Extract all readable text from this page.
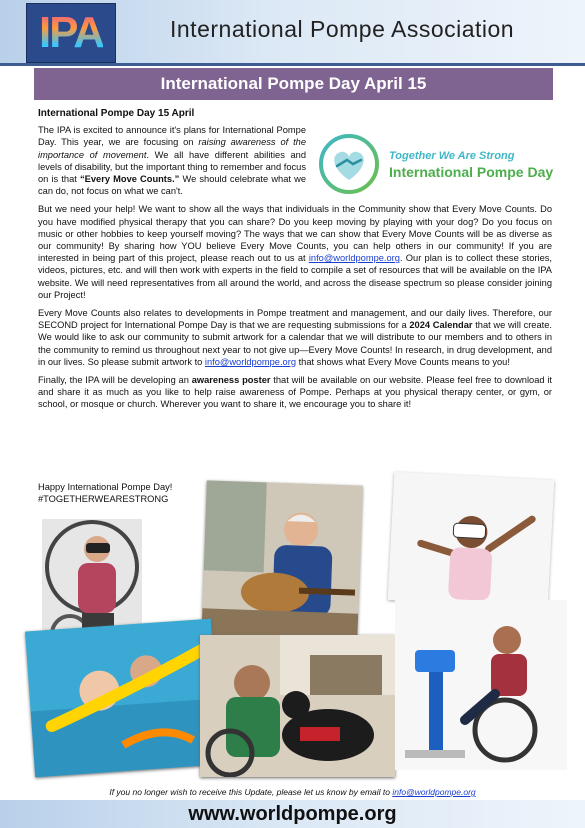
IPA	International Pompe Association
International Pompe Day April 15
International Pompe Day 15 April

The IPA is excited to announce it's plans for International Pompe Day. This year, we are focusing on raising awareness of the importance of movement. We all have different abilities and levels of disability, but the important thing to remember and focus on is that “Every Move Counts.” We should celebrate what we can do, not focus on what we can't.

Together We Are Strong
International Pompe Day

But we need your help! We want to show all the ways that individuals in the Community show that Every Move Counts. Do you have modified physical therapy that you can share? Do you keep moving by playing with your dog? Do you focus on music or other hobbies to keep yourself moving? The ways that we can show that Every Move Counts will be as diverse as our community! By sharing how YOU believe Every Move Counts, you can help others in our community! If you are interested in being part of this project, please reach out to us at info@worldpompe.org. Our plan is to collect these stories, videos, pictures, etc. and will then work with experts in the field to compile a set of resources that will be available on the IPA website. We will need representatives from all around the world, and across the disease spectrum so please consider joining our Project!

Every Move Counts also relates to developments in Pompe treatment and management, and our daily lives. Therefore, our SECOND project for International Pompe Day is that we are requesting submissions for a 2024 Calendar that we will create. We would like to ask our community to submit artwork for a calendar that we will distribute to our members and to others in the community to remind us throughout next year to not give up—Every Move Counts! In research, in drug development, and in our lives. So please submit artwork to info@worldpompe.org that shows what Every Move Counts means to you!

Finally, the IPA will be developing an awareness poster that will be available on our website. Please feel free to download it and share it as much as you like to help raise awareness of Pompe. Perhaps at you physical therapy center, or gym, or school, or mosque or church. Wherever you want to share it, we encourage you to share it!

Happy International Pompe Day!
#TOGETHERWEARESTRONG
If you no longer wish to receive this Update, please let us know by email to info@worldpompe.org
www.worldpompe.org
